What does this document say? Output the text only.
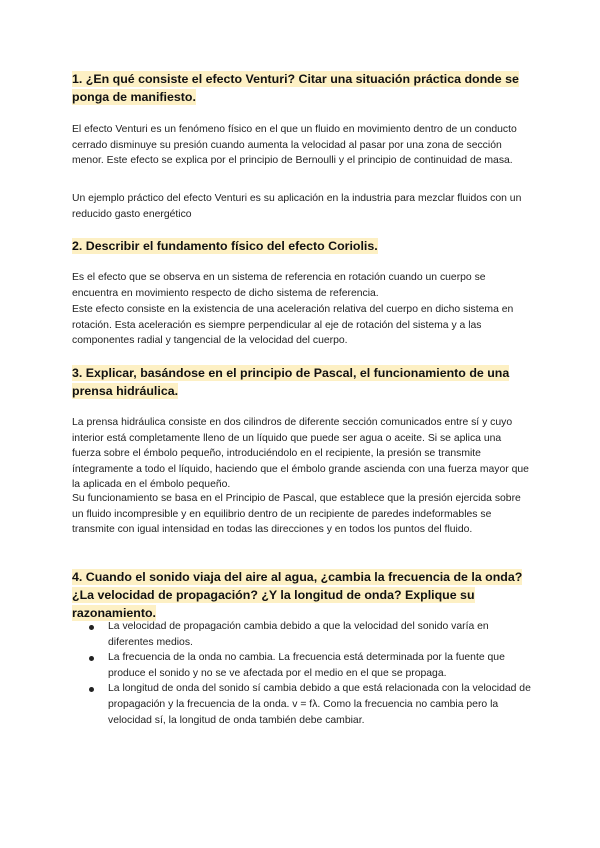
1. ¿En qué consiste el efecto Venturi? Citar una situación práctica donde se ponga de manifiesto.

El efecto Venturi es un fenómeno físico en el que un fluido en movimiento dentro de un conducto cerrado disminuye su presión cuando aumenta la velocidad al pasar por una zona de sección menor. Este efecto se explica por el principio de Bernoulli y el principio de continuidad de masa.

Un ejemplo práctico del efecto Venturi es su aplicación en la industria para mezclar fluidos con un reducido gasto energético

2. Describir el fundamento físico del efecto Coriolis.

Es el efecto que se observa en un sistema de referencia en rotación cuando un cuerpo se encuentra en movimiento respecto de dicho sistema de referencia.

Este efecto consiste en la existencia de una aceleración relativa del cuerpo en dicho sistema en rotación. Esta aceleración es siempre perpendicular al eje de rotación del sistema y a las componentes radial y tangencial de la velocidad del cuerpo.

3. Explicar, basándose en el principio de Pascal, el funcionamiento de una prensa hidráulica.

La prensa hidráulica consiste en dos cilindros de diferente sección comunicados entre sí y cuyo interior está completamente lleno de un líquido que puede ser agua o aceite. Si se aplica una fuerza sobre el émbolo pequeño, introduciéndolo en el recipiente, la presión se transmite íntegramente a todo el líquido, haciendo que el émbolo grande ascienda con una fuerza mayor que la aplicada en el émbolo pequeño.

Su funcionamiento se basa en el Principio de Pascal, que establece que la presión ejercida sobre un fluido incompresible y en equilibrio dentro de un recipiente de paredes indeformables se transmite con igual intensidad en todas las direcciones y en todos los puntos del fluido.

4. Cuando el sonido viaja del aire al agua, ¿cambia la frecuencia de la onda? ¿La velocidad de propagación? ¿Y la longitud de onda? Explique su razonamiento.
La velocidad de propagación cambia debido a que la velocidad del sonido varía en diferentes medios.
La frecuencia de la onda no cambia. La frecuencia está determinada por la fuente que produce el sonido y no se ve afectada por el medio en el que se propaga.
La longitud de onda del sonido sí cambia debido a que está relacionada con la velocidad de propagación y la frecuencia de la onda. v = fλ. Como la frecuencia no cambia pero la velocidad sí, la longitud de onda también debe cambiar.
